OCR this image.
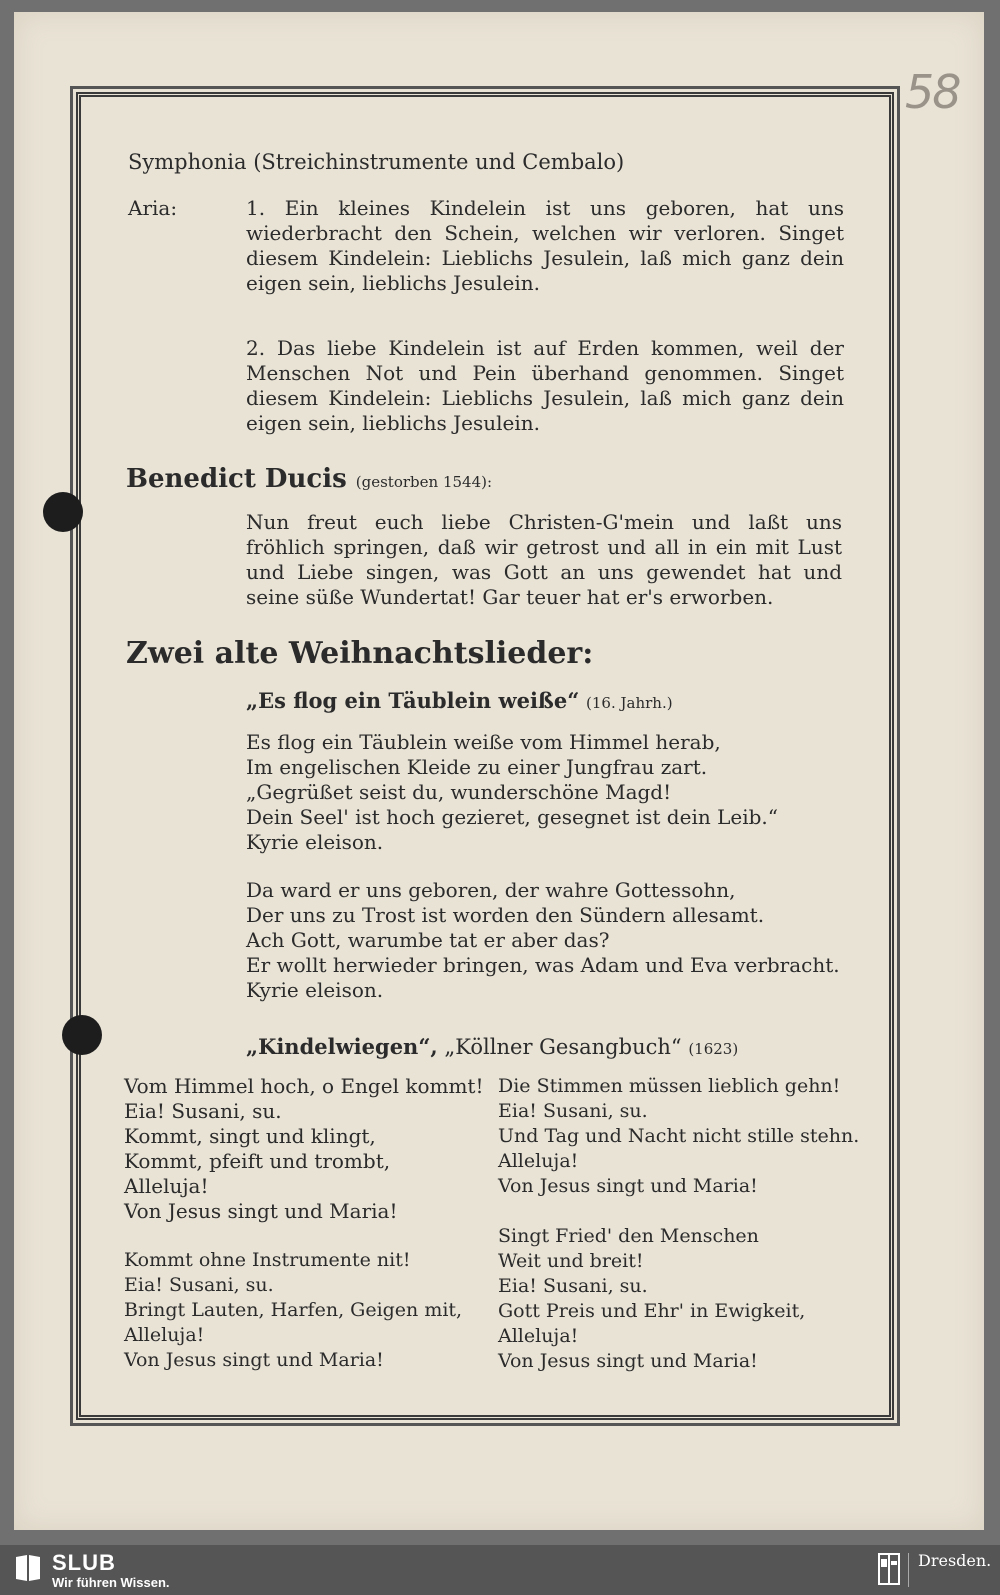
58
Symphonia (Streichinstrumente und Cembalo)
Aria:	1. Ein kleines Kindelein ist uns geboren, hat uns wiederbracht den Schein, welchen wir verloren. Singet diesem Kindelein: Lieblichs Jesulein, laß mich ganz dein eigen sein, lieblichs Jesulein.
2. Das liebe Kindelein ist auf Erden kommen, weil der Menschen Not und Pein überhand genommen. Singet diesem Kindelein: Lieblichs Jesulein, laß mich ganz dein eigen sein, lieblichs Jesulein.
Benedict Ducis (gestorben 1544):
Nun freut euch liebe Christen-G'mein und laßt uns fröhlich springen, daß wir getrost und all in ein mit Lust und Liebe singen, was Gott an uns gewendet hat und seine süße Wundertat! Gar teuer hat er's erworben.
Zwei alte Weihnachtslieder:
„Es flog ein Täublein weiße“ (16. Jahrh.)
Es flog ein Täublein weiße vom Himmel herab,
Im engelischen Kleide zu einer Jungfrau zart.
„Gegrüßet seist du, wunderschöne Magd!
Dein Seel' ist hoch gezieret, gesegnet ist dein Leib.“
Kyrie eleison.
Da ward er uns geboren, der wahre Gottessohn,
Der uns zu Trost ist worden den Sündern allesamt.
Ach Gott, warumbe tat er aber das?
Er wollt herwieder bringen, was Adam und Eva verbracht.
Kyrie eleison.
„Kindelwiegen“, „Köllner Gesangbuch“ (1623)
Vom Himmel hoch, o Engel kommt!
Eia! Susani, su.
Kommt, singt und klingt,
Kommt, pfeift und trombt,
Alleluja!
Von Jesus singt und Maria!
Kommt ohne Instrumente nit!
Eia! Susani, su.
Bringt Lauten, Harfen, Geigen mit,
Alleluja!
Von Jesus singt und Maria!
Die Stimmen müssen lieblich gehn!
Eia! Susani, su.
Und Tag und Nacht nicht stille stehn.
Alleluja!
Von Jesus singt und Maria!
Singt Fried' den Menschen
Weit und breit!
Eia! Susani, su.
Gott Preis und Ehr' in Ewigkeit,
Alleluja!
Von Jesus singt und Maria!
SLUB
Wir führen Wissen.
Dresden.
